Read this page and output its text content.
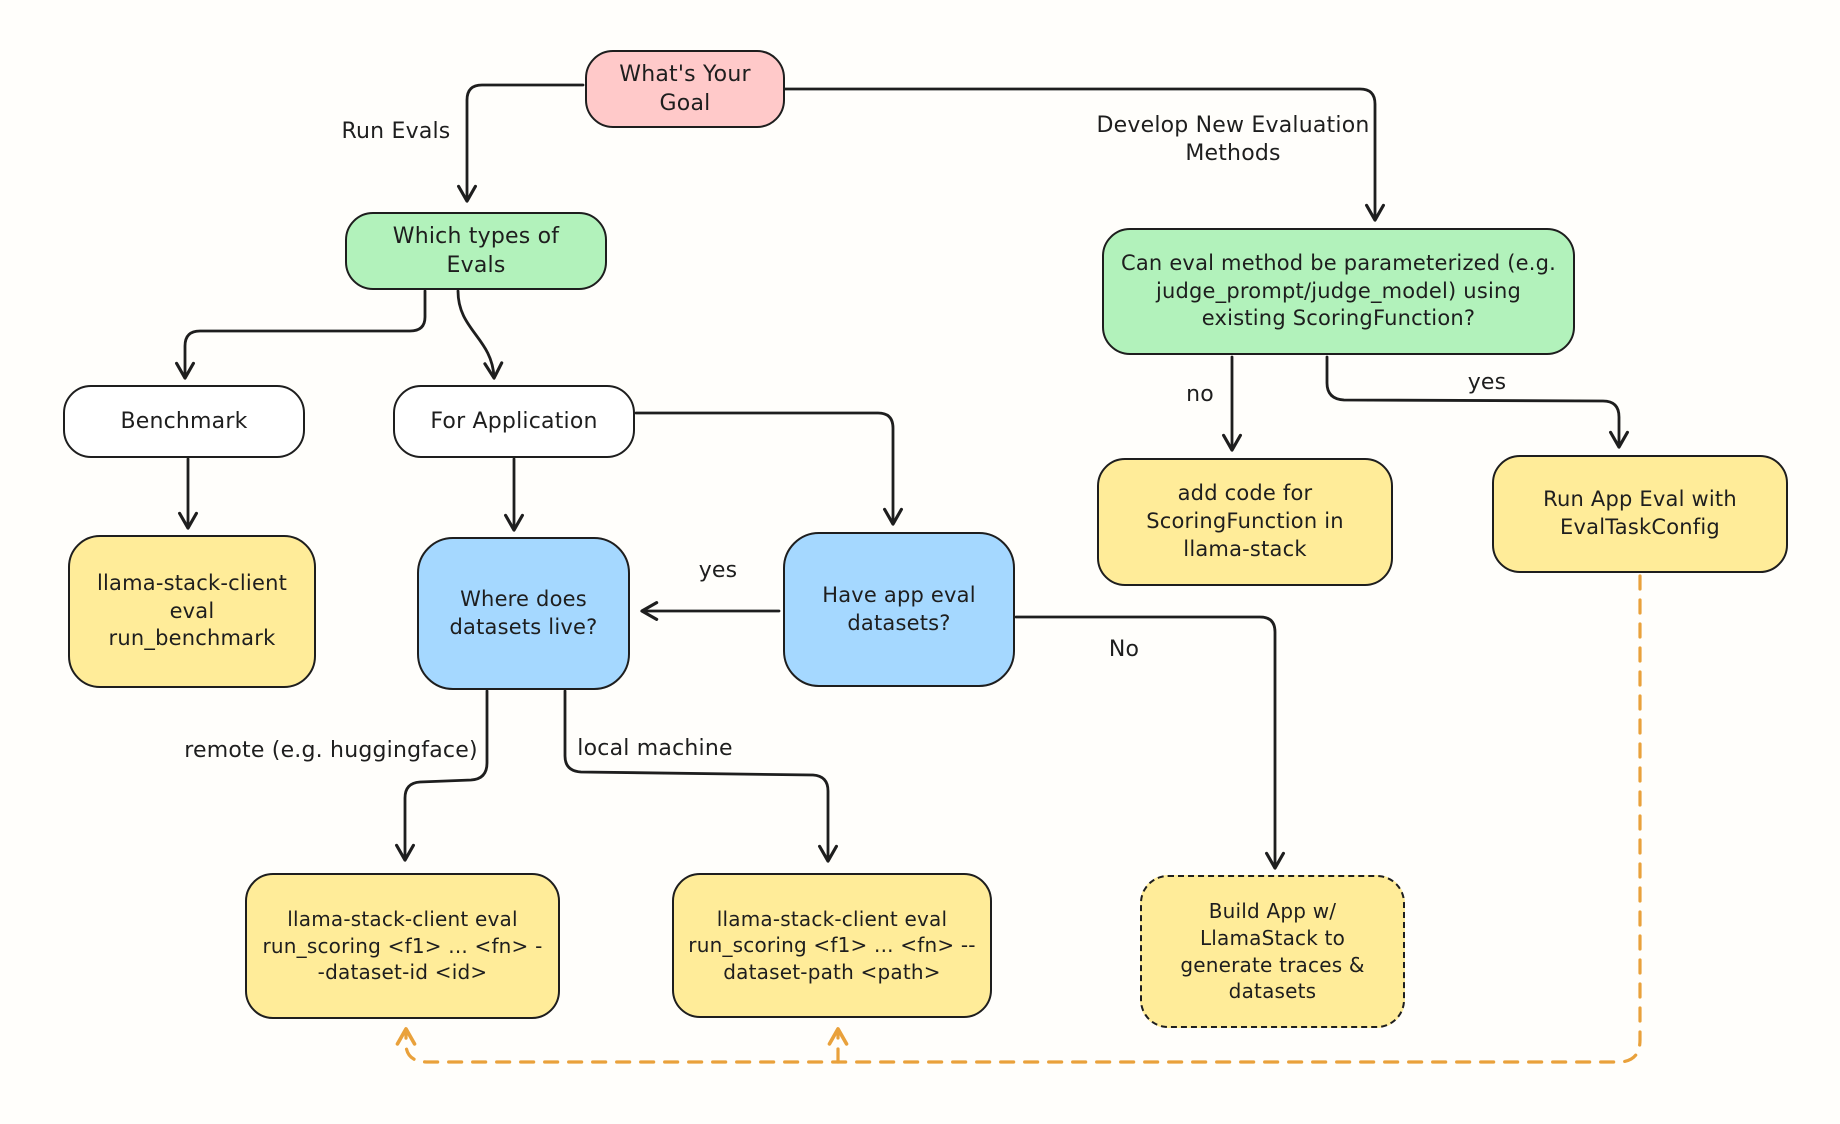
What's Your Goal
Which types of Evals
Benchmark	For Application
llama-stack-client eval run_benchmark
Where does datasets live?
Have app eval datasets?
Can eval method be parameterized (e.g. judge_prompt/judge_model) using existing ScoringFunction?
add code for ScoringFunction in llama-stack
Run App Eval with EvalTaskConfig
llama-stack-client eval run_scoring <f1> ... <fn> --dataset-id <id>
llama-stack-client eval run_scoring <f1> ... <fn> --dataset-path <path>
Build App w/ LlamaStack to generate traces & datasets
Run Evals	Develop New Evaluation Methods
yes
No
remote (e.g. huggingface)	local machine
no	yes
